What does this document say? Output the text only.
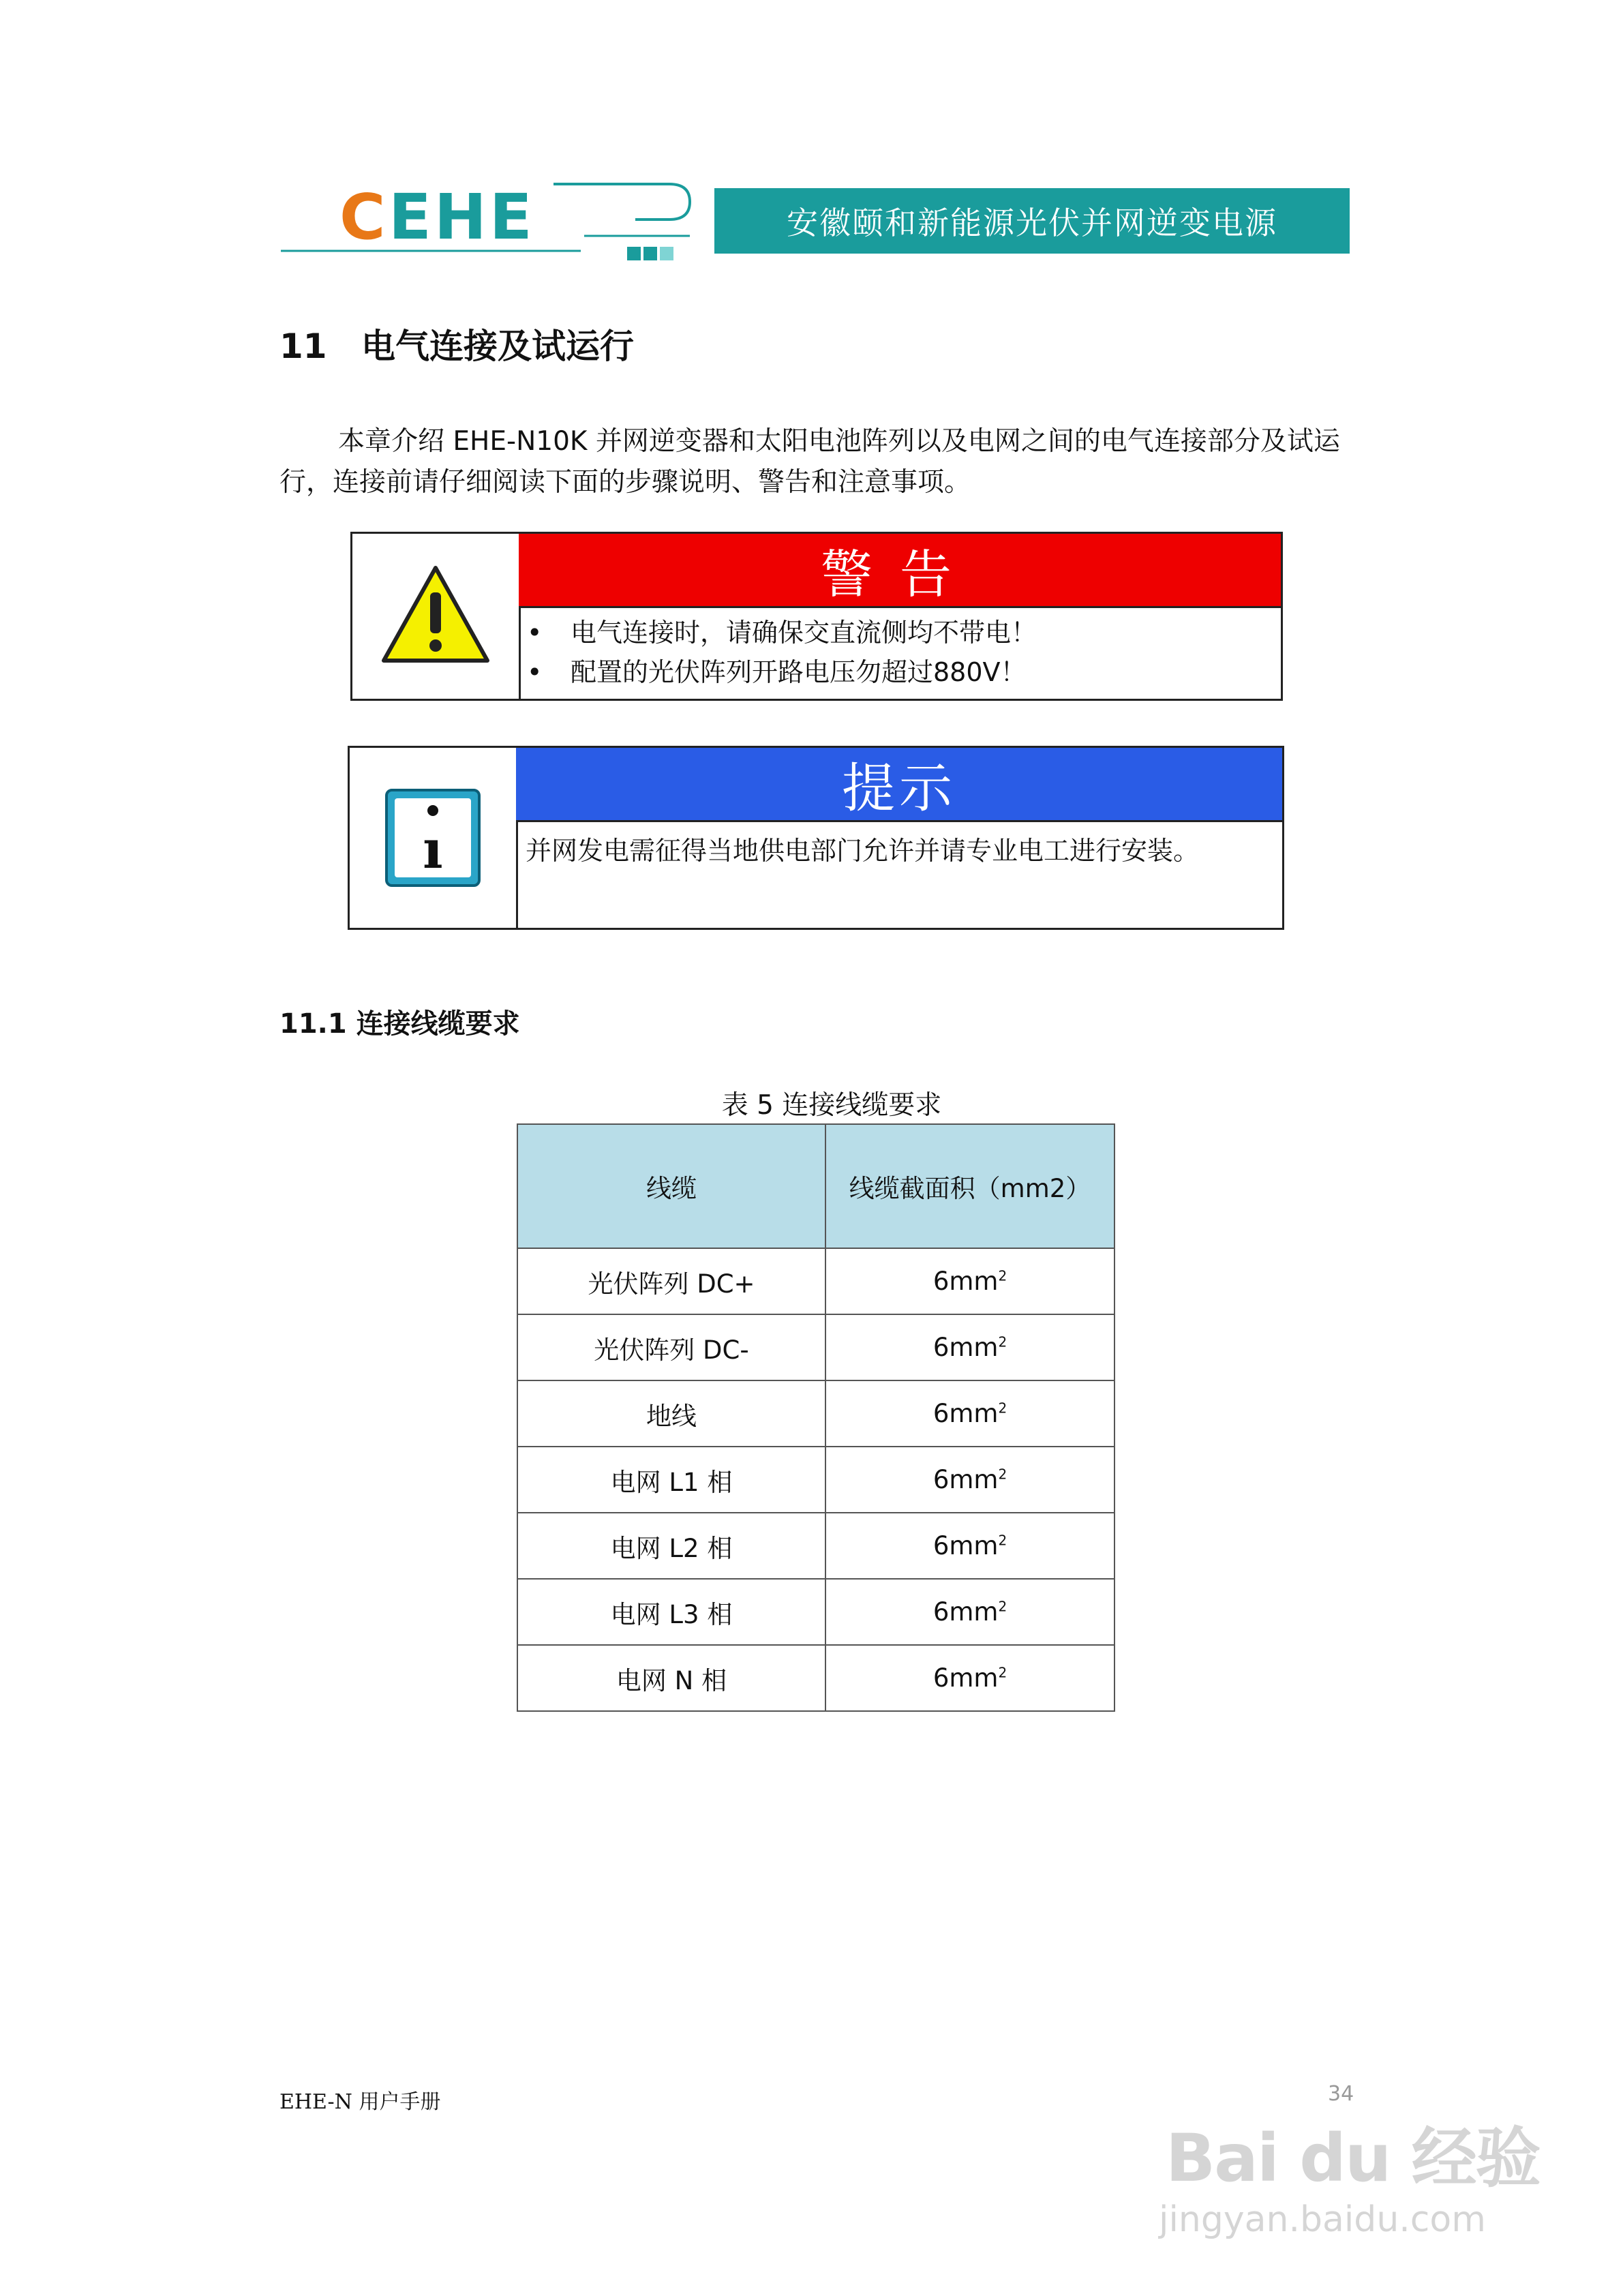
C EHE	安徽颐和新能源光伏并网逆变电源
11 电气连接及试运行

本章介绍 EHE-N10K 并网逆变器和太阳电池阵列以及电网之间的电气连接部分及试运行，连接前请仔细阅读下面的步骤说明、警告和注意事项。

警告
•	电气连接时，请确保交直流侧均不带电！
•	配置的光伏阵列开路电压勿超过880V！
ı
提示
并网发电需征得当地供电部门允许并请专业电工进行安装。
11.1 连接线缆要求
表 5 连接线缆要求
线缆	线缆截面积（mm2）
光伏阵列 DC+	$6mm^2$
光伏阵列 DC-	$6mm^2$
地线	$6mm^2$
电网 L1 相	$6mm^2$
电网 L2 相	$6mm^2$
电网 L3 相	$6mm^2$
电网 N 相	$6mm^2$
EHE-N 用户手册	34
Bai du 经验
jingyan.baidu.com
